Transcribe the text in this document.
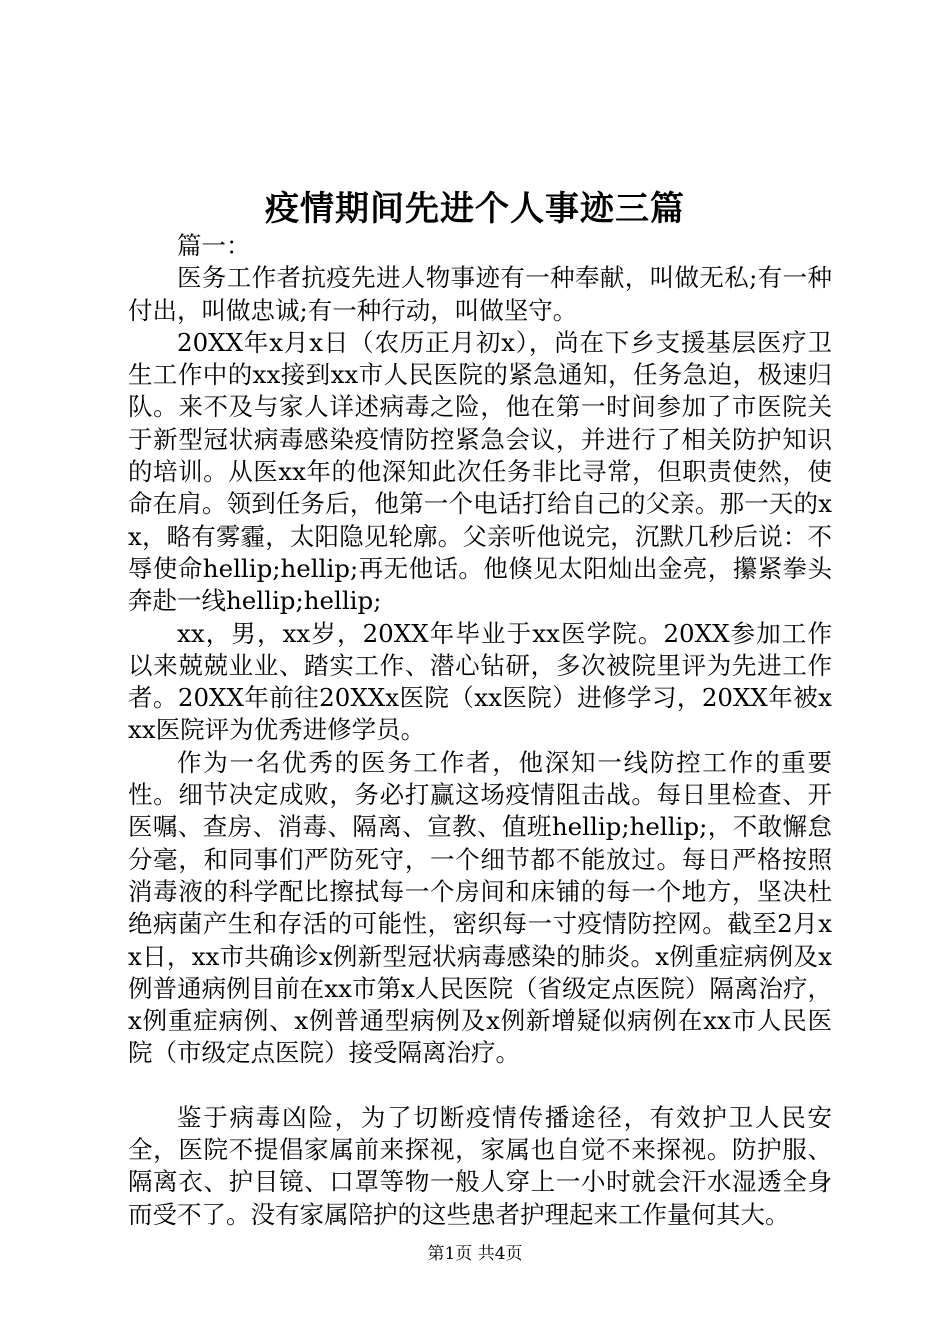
疫情期间先进个人事迹三篇

篇一：

医务工作者抗疫先进人物事迹有一种奉献，叫做无私;有一种付出，叫做忠诚;有一种行动，叫做坚守。

20XX年x月x日（农历正月初x），尚在下乡支援基层医疗卫生工作中的xx接到xx市人民医院的紧急通知，任务急迫，极速归队。来不及与家人详述病毒之险，他在第一时间参加了市医院关于新型冠状病毒感染疫情防控紧急会议，并进行了相关防护知识的培训。从医xx年的他深知此次任务非比寻常，但职责使然，使命在肩。领到任务后，他第一个电话打给自己的父亲。那一天的xx，略有雾霾，太阳隐见轮廓。父亲听他说完，沉默几秒后说：不辱使命hellip;hellip;再无他话。他倏见太阳灿出金亮，攥紧拳头奔赴一线hellip;hellip;

xx，男，xx岁，20XX年毕业于xx医学院。20XX参加工作以来兢兢业业、踏实工作、潜心钻研，多次被院里评为先进工作者。20XX年前往20XXx医院（xx医院）进修学习，20XX年被xxx医院评为优秀进修学员。

作为一名优秀的医务工作者，他深知一线防控工作的重要性。细节决定成败，务必打赢这场疫情阻击战。每日里检查、开医嘱、查房、消毒、隔离、宣教、值班hellip;hellip;，不敢懈怠分毫，和同事们严防死守，一个细节都不能放过。每日严格按照消毒液的科学配比擦拭每一个房间和床铺的每一个地方，坚决杜绝病菌产生和存活的可能性，密织每一寸疫情防控网。截至2月xx日，xx市共确诊x例新型冠状病毒感染的肺炎。x例重症病例及x例普通病例目前在xx市第x人民医院（省级定点医院）隔离治疗，x例重症病例、x例普通型病例及x例新增疑似病例在xx市人民医院（市级定点医院）接受隔离治疗。

鉴于病毒凶险，为了切断疫情传播途径，有效护卫人民安全，医院不提倡家属前来探视，家属也自觉不来探视。防护服、隔离衣、护目镜、口罩等物一般人穿上一小时就会汗水湿透全身而受不了。没有家属陪护的这些患者护理起来工作量何其大。

第1页 共4页
